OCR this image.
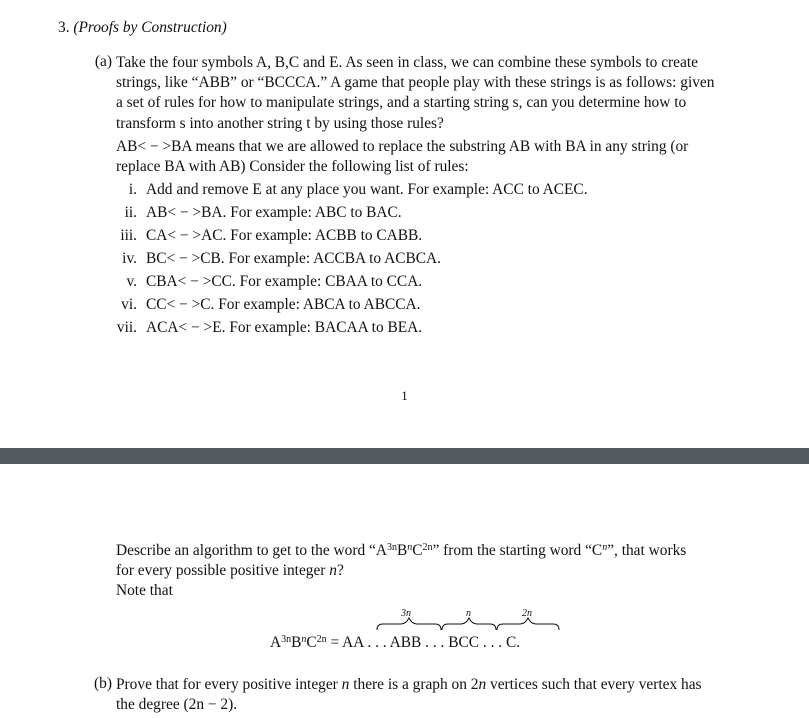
3. (Proofs by Construction)
(a) Take the four symbols A, B,C and E. As seen in class, we can combine these symbols to create
strings, like “ABB” or “BCCCA.” A game that people play with these strings is as follows: given
a set of rules for how to manipulate strings, and a starting string s, can you determine how to
transform s into another string t by using those rules?
AB< − >BA means that we are allowed to replace the substring AB with BA in any string (or
replace BA with AB) Consider the following list of rules:
i. Add and remove E at any place you want. For example: ACC to ACEC.
ii. AB< − >BA. For example: ABC to BAC.
iii. CA< − >AC. For example: ACBB to CABB.
iv. BC< − >CB. For example: ACCBA to ACBCA.
v. CBA< − >CC. For example: CBAA to CCA.
vi. CC< − >C. For example: ABCA to ABCCA.
vii. ACA< − >E. For example: BACAA to BEA.
1
Describe an algorithm to get to the word “$A^{3n}B^nC^{2n}$” from the starting word “$C^n$”, that works
for every possible positive integer n?
Note that
3n	n	2n
$A^{3n}B^nC^{2n}$ = AA . . . ABB . . . BCC . . . C.
(b) Prove that for every positive integer n there is a graph on 2n vertices such that every vertex has
the degree (2n − 2).
